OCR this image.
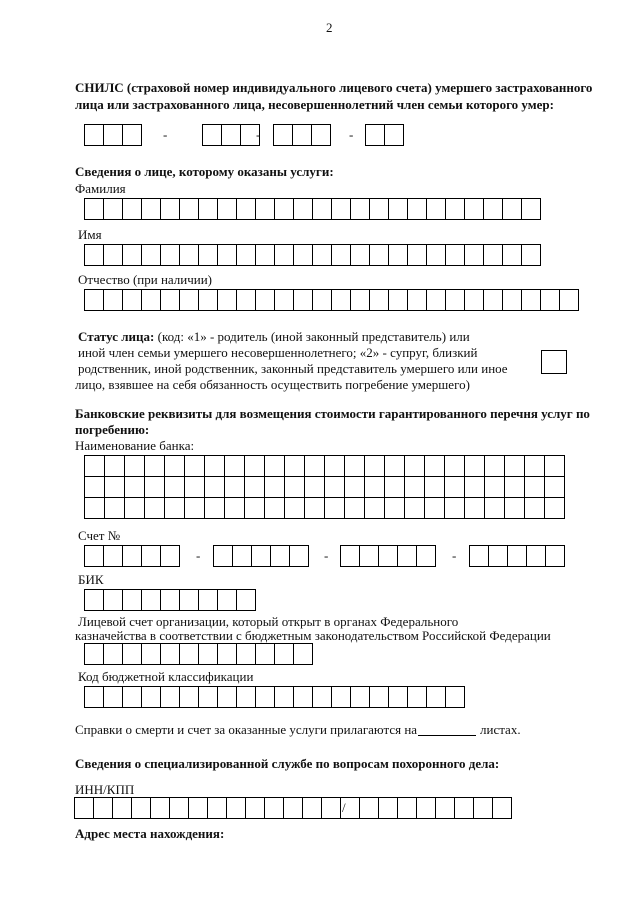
2
СНИЛС (страховой номер индивидуального лицевого счета) умершего застрахованного
лица или застрахованного лица, несовершеннолетний член семьи которого умер:
-	-	-
Сведения о лице, которому оказаны услуги:
Фамилия
Имя
Отчество (при наличии)
Статус лица: (код: «1» - родитель (иной законный представитель) или
иной член семьи умершего несовершеннолетнего; «2» - супруг, близкий
родственник, иной родственник, законный представитель умершего или иное
лицо, взявшее на себя обязанность осуществить погребение умершего)
Банковские реквизиты для возмещения стоимости гарантированного перечня услуг по
погребению:
Наименование банка:

Счет №
-	-	-
БИК
Лицевой счет организации, который открыт в органах Федерального
казначейства в соответствии с бюджетным законодательством Российской Федерации
Код бюджетной классификации
Справки о смерти и счет за оказанные услуги прилагаются на	листах.
Сведения о специализированной службе по вопросам похоронного дела:
ИНН/КПП
/
Адрес места нахождения:
